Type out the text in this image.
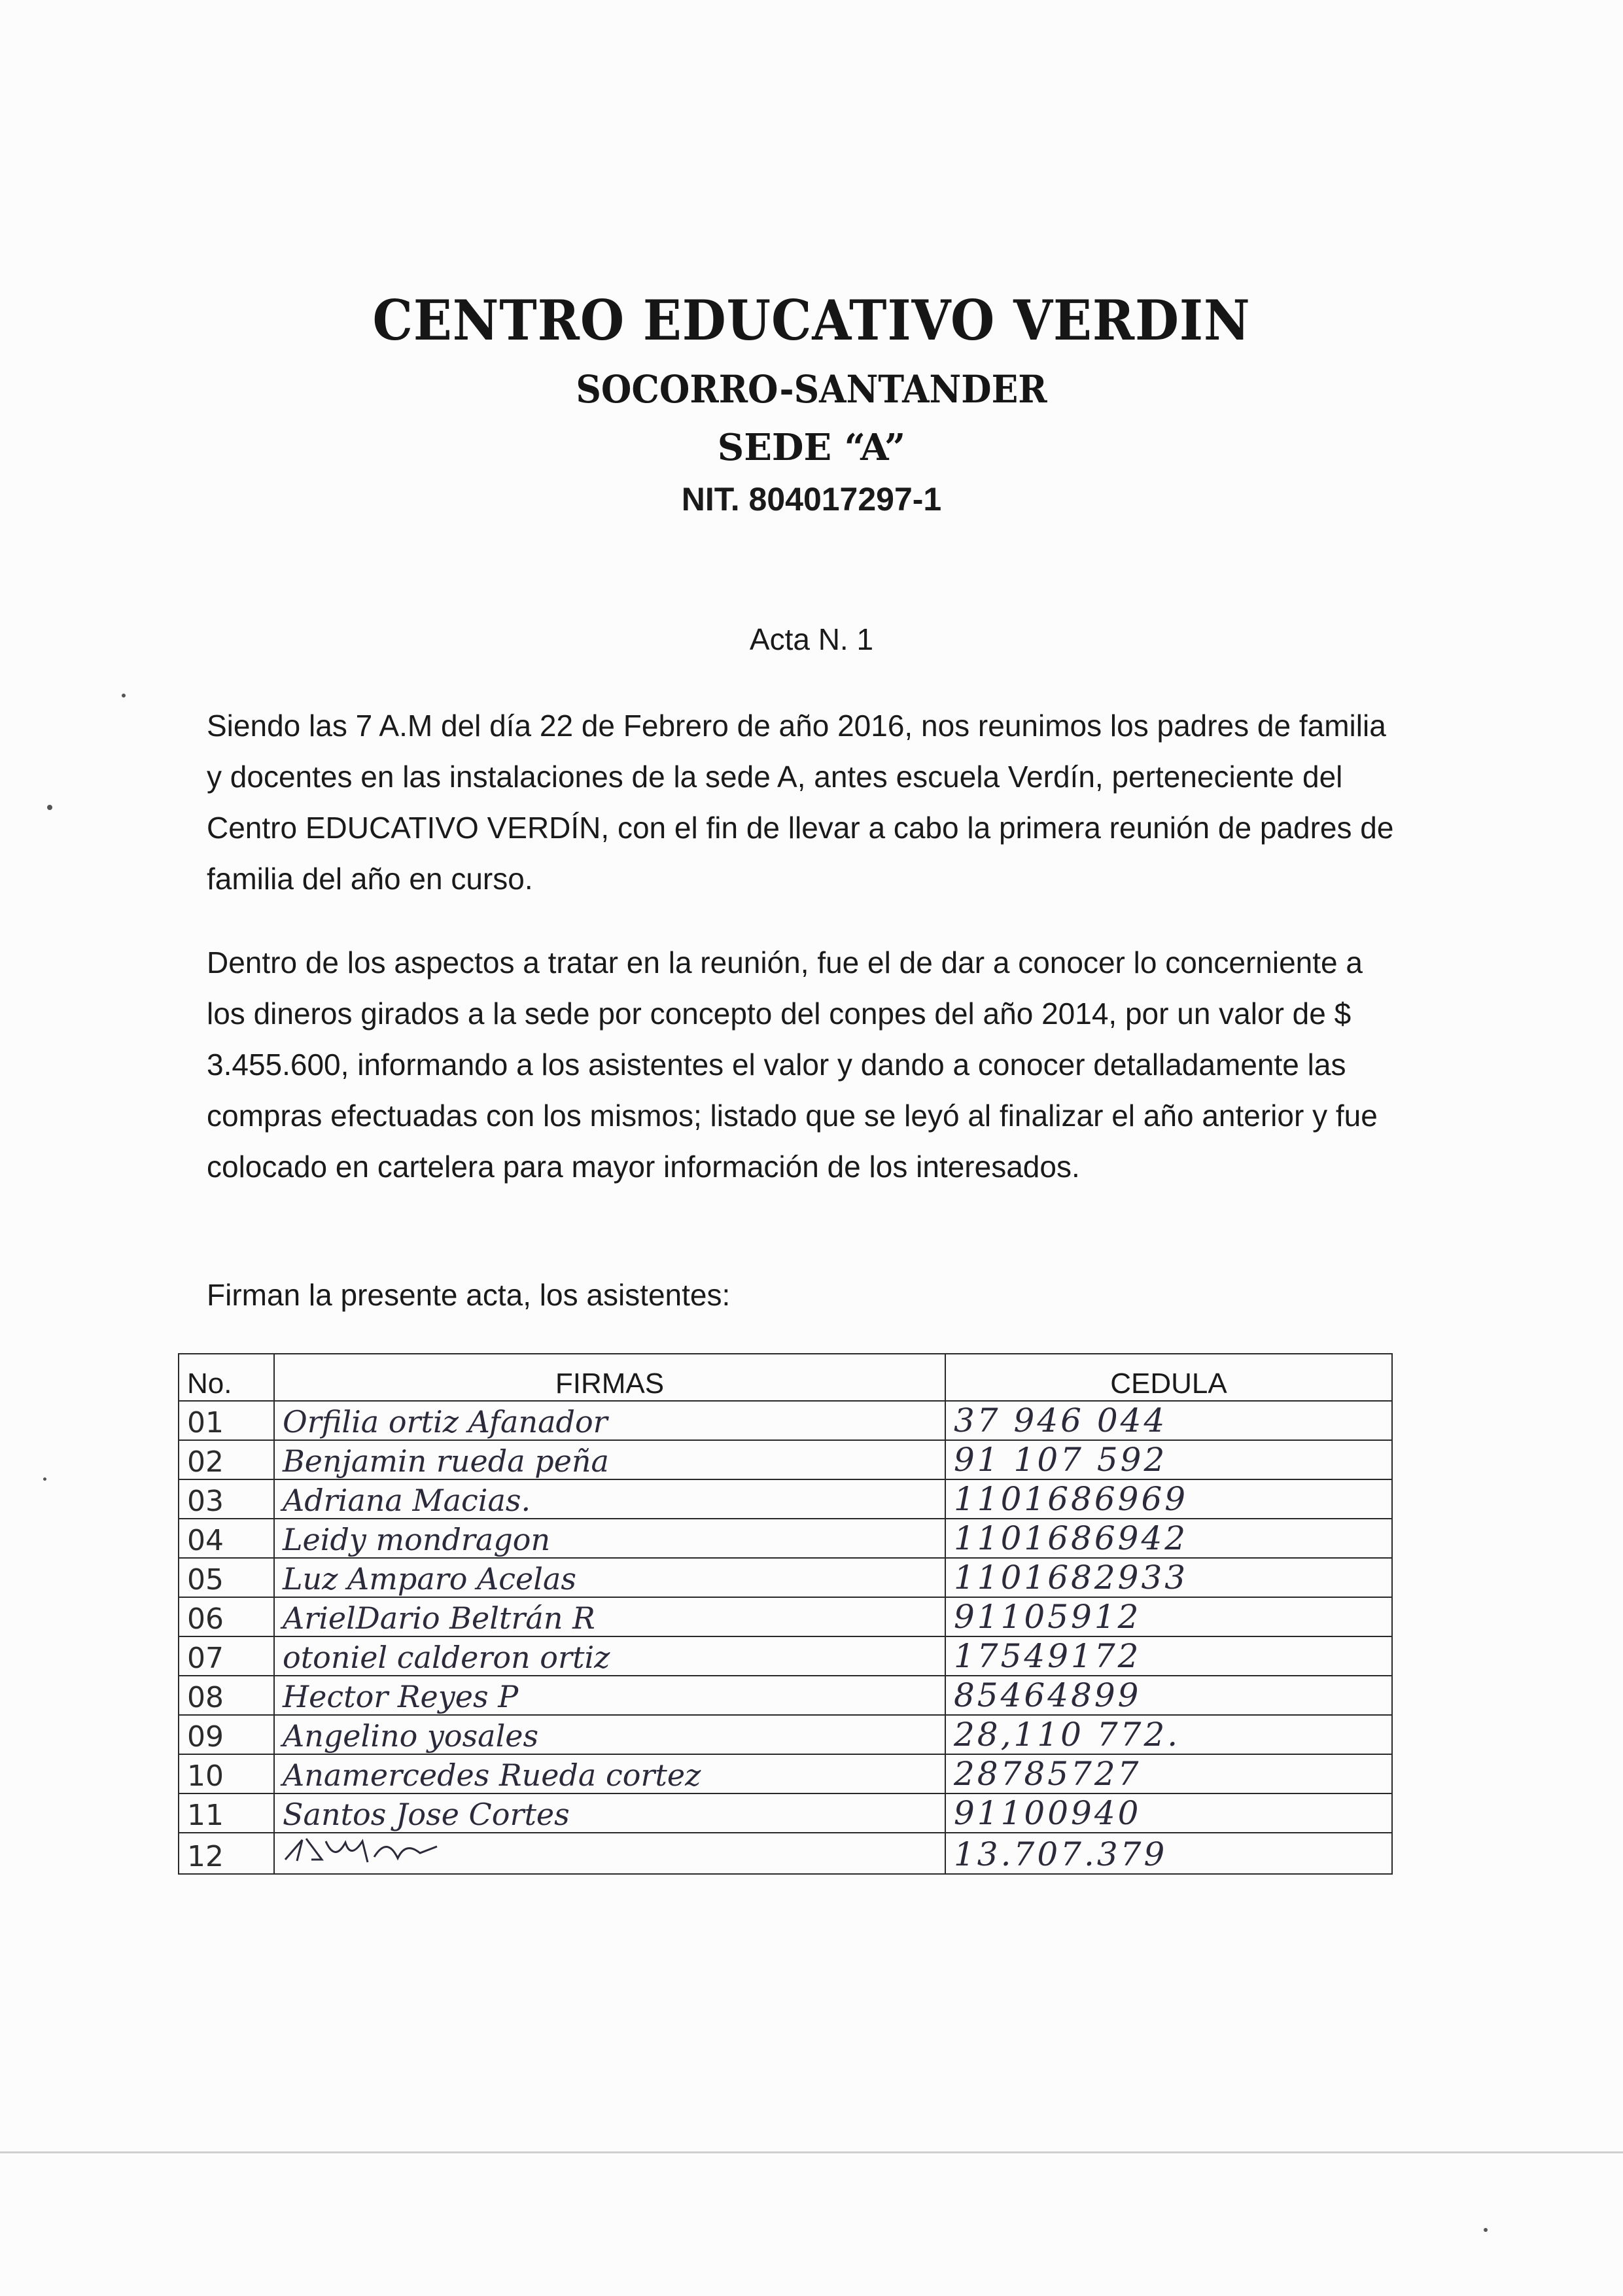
CENTRO EDUCATIVO VERDIN

SOCORRO-SANTANDER

SEDE “A”

NIT. 804017297-1

Acta N. 1

Siendo las 7 A.M del día 22 de Febrero de año 2016, nos reunimos los padres de familia y docentes en las instalaciones de la sede A, antes escuela Verdín, perteneciente del Centro EDUCATIVO VERDÍN, con el fin de llevar a cabo la primera reunión de padres de familia del año en curso.

Dentro de los aspectos a tratar en la reunión, fue el de dar a conocer lo concerniente a los dineros girados a la sede por concepto del conpes del año 2014, por un valor de $ 3.455.600, informando a los asistentes el valor y dando a conocer detalladamente las compras efectuadas con los mismos; listado que se leyó al finalizar el año anterior y fue colocado en cartelera para mayor información de los interesados.

Firman la presente acta, los asistentes:

No.	FIRMAS	CEDULA
01	Orfilia ortiz Afanador	37 946 044
02	Benjamin rueda peña	91 107 592
03	Adriana Macias.	1101686969
04	Leidy mondragon	1101686942
05	Luz Amparo Acelas	1101682933
06	ArielDario Beltrán R	91105912
07	otoniel calderon ortiz	17549172
08	Hector Reyes P	85464899
09	Angelino yosales	28,110 772.
10	Anamercedes Rueda cortez	28785727
11	Santos Jose Cortes	91100940
12		13.707.379
